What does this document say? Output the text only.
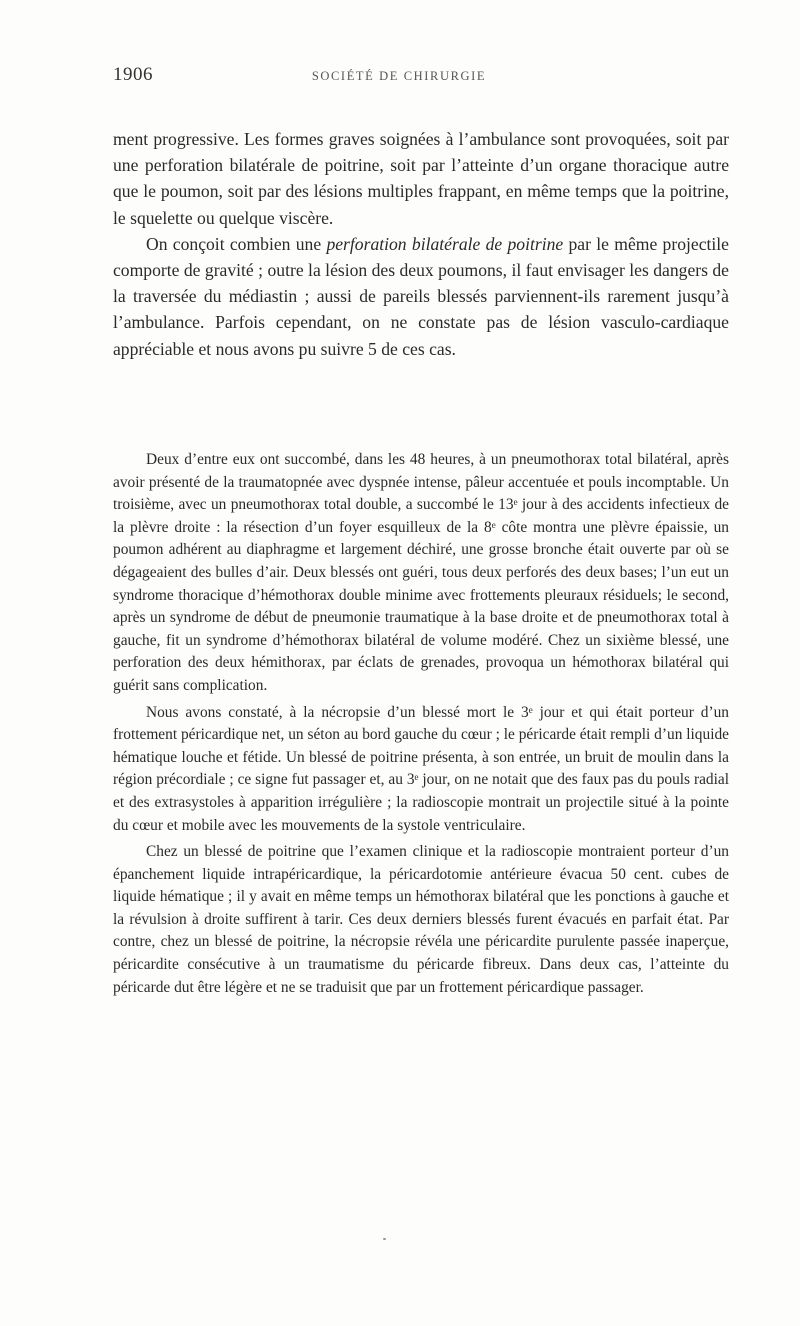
1906	SOCIÉTÉ DE CHIRURGIE

ment progressive. Les formes graves soignées à l’ambulance sont provoquées, soit par une perforation bilatérale de poitrine, soit par l’atteinte d’un organe thoracique autre que le poumon, soit par des lésions multiples frappant, en même temps que la poitrine, le squelette ou quelque viscère.

On conçoit combien une perforation bilatérale de poitrine par le même projectile comporte de gravité ; outre la lésion des deux poumons, il faut envisager les dangers de la traversée du médiastin ; aussi de pareils blessés parviennent-ils rarement jusqu’à l’ambulance. Parfois cependant, on ne constate pas de lésion vasculo-cardiaque appréciable et nous avons pu suivre 5 de ces cas.

Deux d’entre eux ont succombé, dans les 48 heures, à un pneumothorax total bilatéral, après avoir présenté de la traumatopnée avec dyspnée intense, pâleur accentuée et pouls incomptable. Un troisième, avec un pneumothorax total double, a succombé le 13ᵉ jour à des accidents infectieux de la plèvre droite : la résection d’un foyer esquilleux de la 8ᵉ côte montra une plèvre épaissie, un poumon adhérent au diaphragme et largement déchiré, une grosse bronche était ouverte par où se dégageaient des bulles d’air. Deux blessés ont guéri, tous deux perforés des deux bases; l’un eut un syndrome thoracique d’hémothorax double minime avec frottements pleuraux résiduels; le second, après un syndrome de début de pneumonie traumatique à la base droite et de pneumothorax total à gauche, fit un syndrome d’hémothorax bilatéral de volume modéré. Chez un sixième blessé, une perforation des deux hémithorax, par éclats de grenades, provoqua un hémothorax bilatéral qui guérit sans complication.

Nous avons constaté, à la nécropsie d’un blessé mort le 3ᵉ jour et qui était porteur d’un frottement péricardique net, un séton au bord gauche du cœur ; le péricarde était rempli d’un liquide hématique louche et fétide. Un blessé de poitrine présenta, à son entrée, un bruit de moulin dans la région précordiale ; ce signe fut passager et, au 3ᵉ jour, on ne notait que des faux pas du pouls radial et des extrasystoles à apparition irrégulière ; la radioscopie montrait un projectile situé à la pointe du cœur et mobile avec les mouvements de la systole ventriculaire.

Chez un blessé de poitrine que l’examen clinique et la radioscopie montraient porteur d’un épanchement liquide intrapéricardique, la péricardotomie antérieure évacua 50 cent. cubes de liquide hématique ; il y avait en même temps un hémothorax bilatéral que les ponctions à gauche et la révulsion à droite suffirent à tarir. Ces deux derniers blessés furent évacués en parfait état. Par contre, chez un blessé de poitrine, la nécropsie révéla une péricardite purulente passée inaperçue, péricardite consécutive à un traumatisme du péricarde fibreux. Dans deux cas, l’atteinte du péricarde dut être légère et ne se traduisit que par un frottement péricardique passager.
